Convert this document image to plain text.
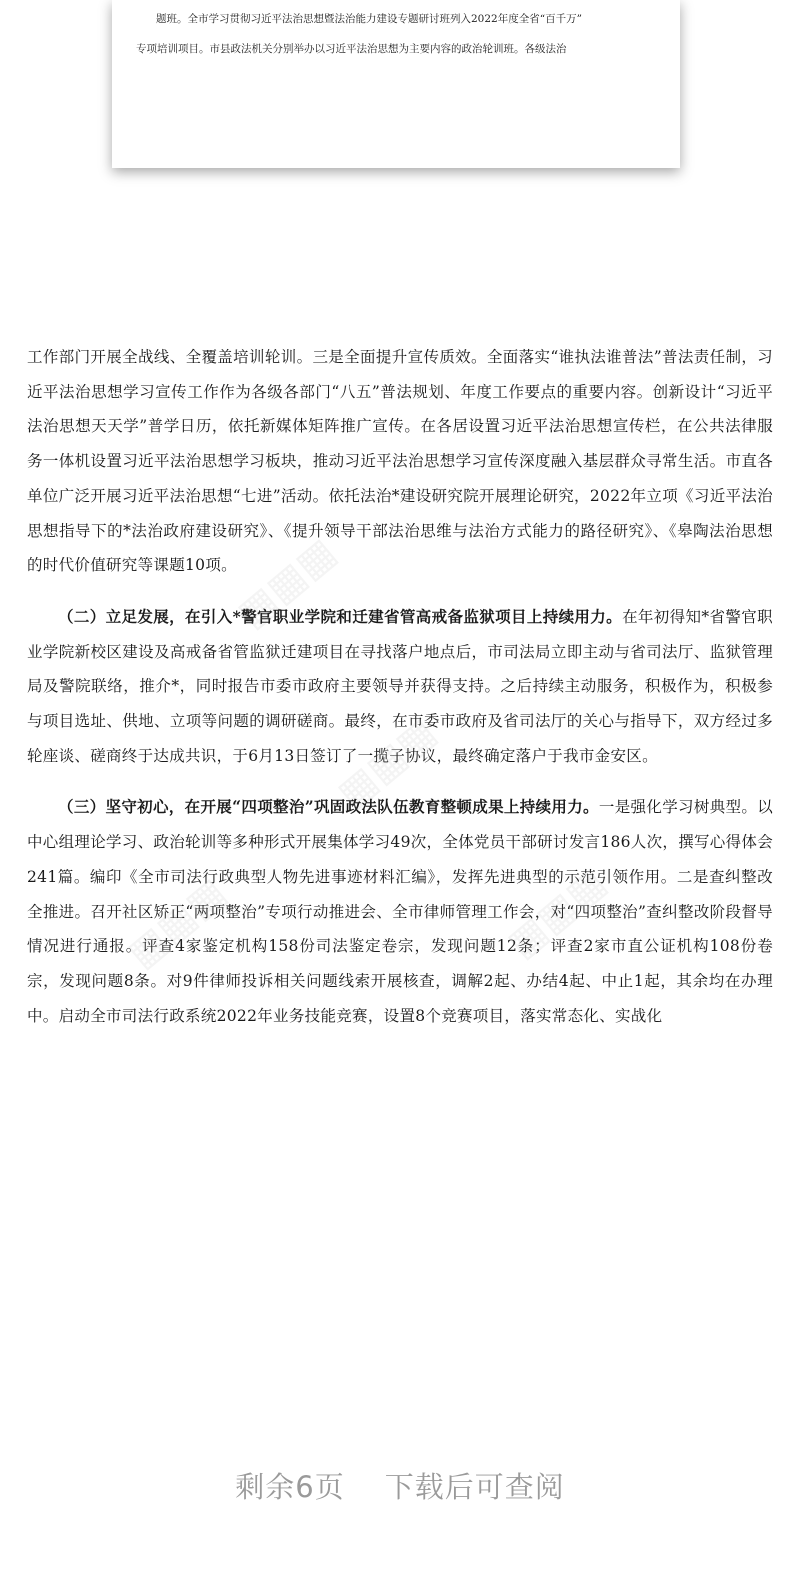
题班。全市学习贯彻习近平法治思想暨法治能力建设专题研讨班列入2022年度全省“百千万”

专项培训项目。市县政法机关分别举办以习近平法治思想为主要内容的政治轮训班。各级法治

工作部门开展全战线、全覆盖培训轮训。三是全面提升宣传质效。全面落实“谁执法谁普法”普法责任制，习近平法治思想学习宣传工作作为各级各部门“八五”普法规划、年度工作要点的重要内容。创新设计“习近平法治思想天天学”普学日历，依托新媒体矩阵推广宣传。在各居设置习近平法治思想宣传栏，在公共法律服务一体机设置习近平法治思想学习板块，推动习近平法治思想学习宣传深度融入基层群众寻常生活。市直各单位广泛开展习近平法治思想“七进”活动。依托法治*建设研究院开展理论研究，2022年立项《习近平法治思想指导下的*法治政府建设研究》、《提升领导干部法治思维与法治方式能力的路径研究》、《皋陶法治思想的时代价值研究等课题10项。

（二）立足发展，在引入*警官职业学院和迁建省管高戒备监狱项目上持续用力。在年初得知*省警官职业学院新校区建设及高戒备省管监狱迁建项目在寻找落户地点后，市司法局立即主动与省司法厅、监狱管理局及警院联络，推介*，同时报告市委市政府主要领导并获得支持。之后持续主动服务，积极作为，积极参与项目选址、供地、立项等问题的调研磋商。最终，在市委市政府及省司法厅的关心与指导下，双方经过多轮座谈、磋商终于达成共识，于6月13日签订了一揽子协议，最终确定落户于我市金安区。

（三）坚守初心，在开展“四项整治”巩固政法队伍教育整顿成果上持续用力。一是强化学习树典型。以中心组理论学习、政治轮训等多种形式开展集体学习49次，全体党员干部研讨发言186人次，撰写心得体会241篇。编印《全市司法行政典型人物先进事迹材料汇编》，发挥先进典型的示范引领作用。二是查纠整改全推进。召开社区矫正“两项整治”专项行动推进会、全市律师管理工作会，对“四项整治”查纠整改阶段督导情况进行通报。评查4家鉴定机构158份司法鉴定卷宗，发现问题12条；评查2家市直公证机构108份卷宗，发现问题8条。对9件律师投诉相关问题线索开展核查，调解2起、办结4起、中止1起，其余均在办理中。启动全市司法行政系统2022年业务技能竞赛，设置8个竞赛项目，落实常态化、实战化

▦▦▦
▦▦▦
▦▦▦	▦▦▦
剩余6页 下载后可查阅
